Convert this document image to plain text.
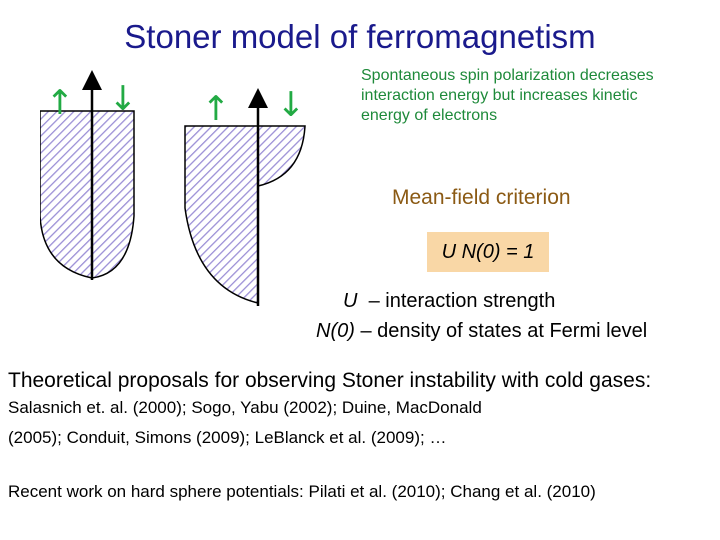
Stoner model of ferromagnetism
↑ ↓ ↑ ↓
Spontaneous spin polarization decreases interaction energy but increases kinetic energy of electrons
Mean-field criterion
U N(0) = 1
U – interaction strength
N(0) – density of states at Fermi level
Theoretical proposals for observing Stoner instability with cold gases: Salasnich et. al. (2000); Sogo, Yabu (2002); Duine, MacDonald
(2005); Conduit, Simons (2009); LeBlanck et al. (2009); …
Recent work on hard sphere potentials: Pilati et al. (2010); Chang et al. (2010)
